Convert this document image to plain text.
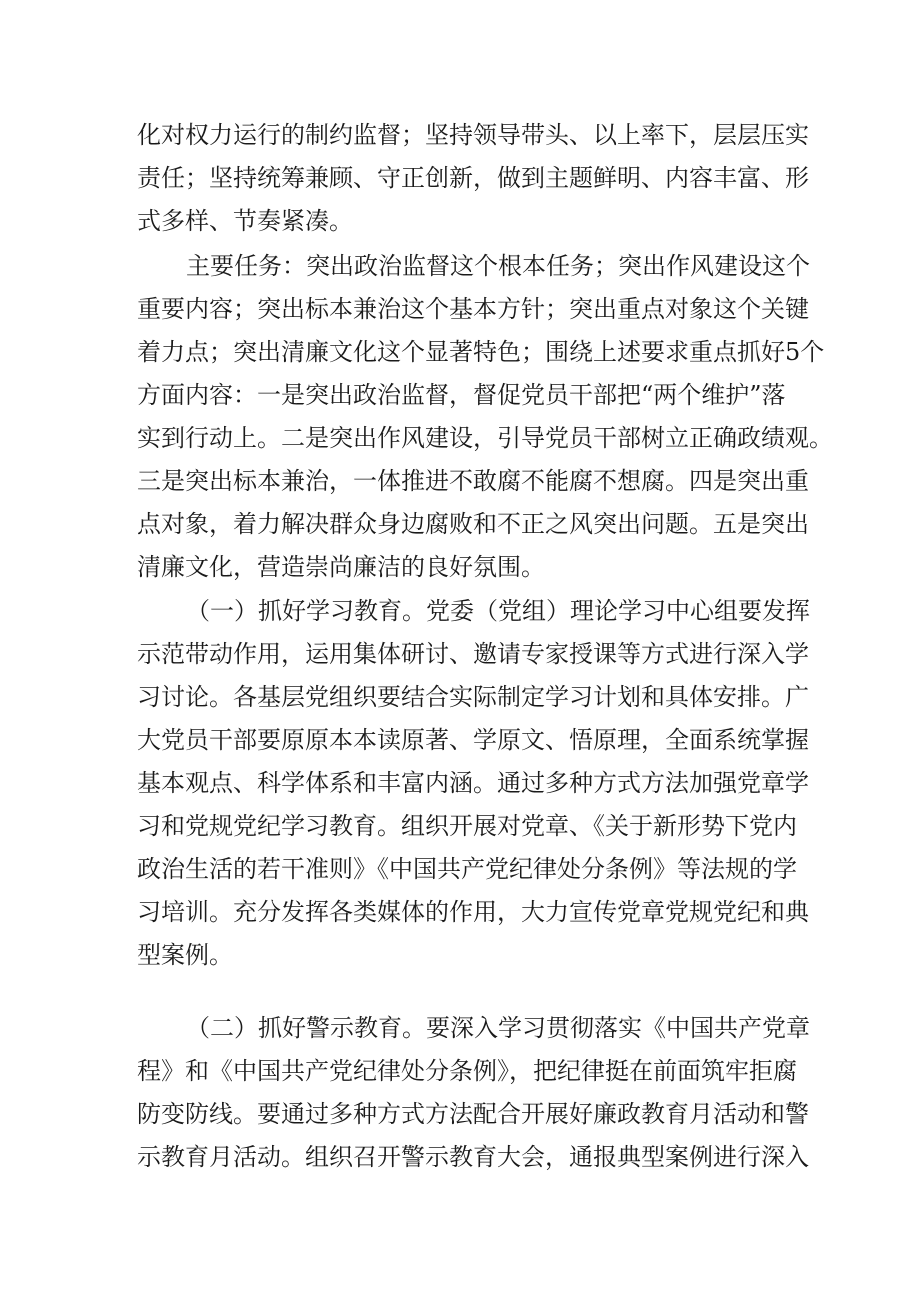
化对权力运行的制约监督；坚持领导带头、以上率下，层层压实
责任；坚持统筹兼顾、守正创新，做到主题鲜明、内容丰富、形
式多样、节奏紧凑。
主要任务：突出政治监督这个根本任务；突出作风建设这个
重要内容；突出标本兼治这个基本方针；突出重点对象这个关键
着力点；突出清廉文化这个显著特色；围绕上述要求重点抓好5个
方面内容：一是突出政治监督，督促党员干部把“两个维护”落
实到行动上。二是突出作风建设，引导党员干部树立正确政绩观。
三是突出标本兼治，一体推进不敢腐不能腐不想腐。四是突出重
点对象，着力解决群众身边腐败和不正之风突出问题。五是突出
清廉文化，营造崇尚廉洁的良好氛围。
（一）抓好学习教育。党委（党组）理论学习中心组要发挥
示范带动作用，运用集体研讨、邀请专家授课等方式进行深入学
习讨论。各基层党组织要结合实际制定学习计划和具体安排。广
大党员干部要原原本本读原著、学原文、悟原理，全面系统掌握
基本观点、科学体系和丰富内涵。通过多种方式方法加强党章学
习和党规党纪学习教育。组织开展对党章、《关于新形势下党内
政治生活的若干准则》《中国共产党纪律处分条例》等法规的学
习培训。充分发挥各类媒体的作用，大力宣传党章党规党纪和典
型案例。
（二）抓好警示教育。要深入学习贯彻落实《中国共产党章
程》和《中国共产党纪律处分条例》，把纪律挺在前面筑牢拒腐
防变防线。要通过多种方式方法配合开展好廉政教育月活动和警
示教育月活动。组织召开警示教育大会，通报典型案例进行深入
